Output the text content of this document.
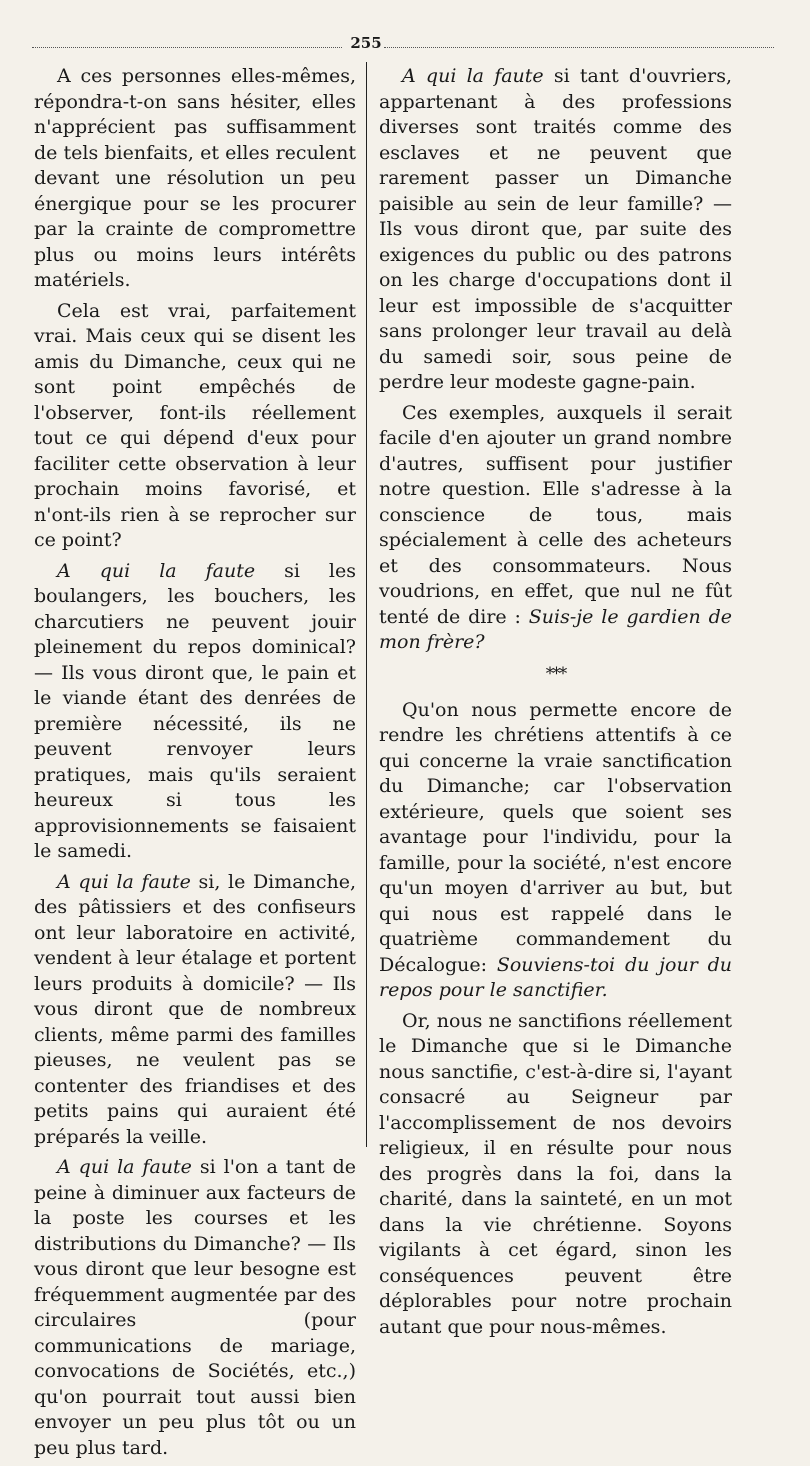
255

A ces personnes elles-mêmes, répondra-t-on sans hésiter, elles n'apprécient pas suffisamment de tels bienfaits, et elles reculent devant une résolution un peu énergique pour se les procurer par la crainte de compromettre plus ou moins leurs intérêts matériels.

Cela est vrai, parfaitement vrai. Mais ceux qui se disent les amis du Dimanche, ceux qui ne sont point empêchés de l'observer, font-ils réellement tout ce qui dépend d'eux pour faciliter cette observation à leur prochain moins favorisé, et n'ont-ils rien à se reprocher sur ce point?

A qui la faute si les boulangers, les bouchers, les charcutiers ne peuvent jouir pleinement du repos dominical? — Ils vous diront que, le pain et le viande étant des denrées de première nécessité, ils ne peuvent renvoyer leurs pratiques, mais qu'ils seraient heureux si tous les approvisionnements se faisaient le samedi.

A qui la faute si, le Dimanche, des pâtissiers et des confiseurs ont leur laboratoire en activité, vendent à leur étalage et portent leurs produits à domicile? — Ils vous diront que de nombreux clients, même parmi des familles pieuses, ne veulent pas se contenter des friandises et des petits pains qui auraient été préparés la veille.

A qui la faute si l'on a tant de peine à diminuer aux facteurs de la poste les courses et les distributions du Dimanche? — Ils vous diront que leur besogne est fréquemment augmentée par des circulaires (pour communications de mariage, convocations de Sociétés, etc.,) qu'on pourrait tout aussi bien envoyer un peu plus tôt ou un peu plus tard.

A qui la faute si tant d'ouvriers, appartenant à des professions diverses sont traités comme des esclaves et ne peuvent que rarement passer un Dimanche paisible au sein de leur famille? — Ils vous diront que, par suite des exigences du public ou des patrons on les charge d'occupations dont il leur est impossible de s'acquitter sans prolonger leur travail au delà du samedi soir, sous peine de perdre leur modeste gagne-pain.

Ces exemples, auxquels il serait facile d'en ajouter un grand nombre d'autres, suffisent pour justifier notre question. Elle s'adresse à la conscience de tous, mais spécialement à celle des acheteurs et des consommateurs. Nous voudrions, en effet, que nul ne fût tenté de dire : Suis-je le gardien de mon frère?

***

Qu'on nous permette encore de rendre les chrétiens attentifs à ce qui concerne la vraie sanctification du Dimanche; car l'observation extérieure, quels que soient ses avantage pour l'individu, pour la famille, pour la société, n'est encore qu'un moyen d'arriver au but, but qui nous est rappelé dans le quatrième commandement du Décalogue: Souviens-toi du jour du repos pour le sanctifier.

Or, nous ne sanctifions réellement le Dimanche que si le Dimanche nous sanctifie, c'est-à-dire si, l'ayant consacré au Seigneur par l'accomplissement de nos devoirs religieux, il en résulte pour nous des progrès dans la foi, dans la charité, dans la sainteté, en un mot dans la vie chrétienne. Soyons vigilants à cet égard, sinon les conséquences peuvent être déplorables pour notre prochain autant que pour nous-mêmes.
